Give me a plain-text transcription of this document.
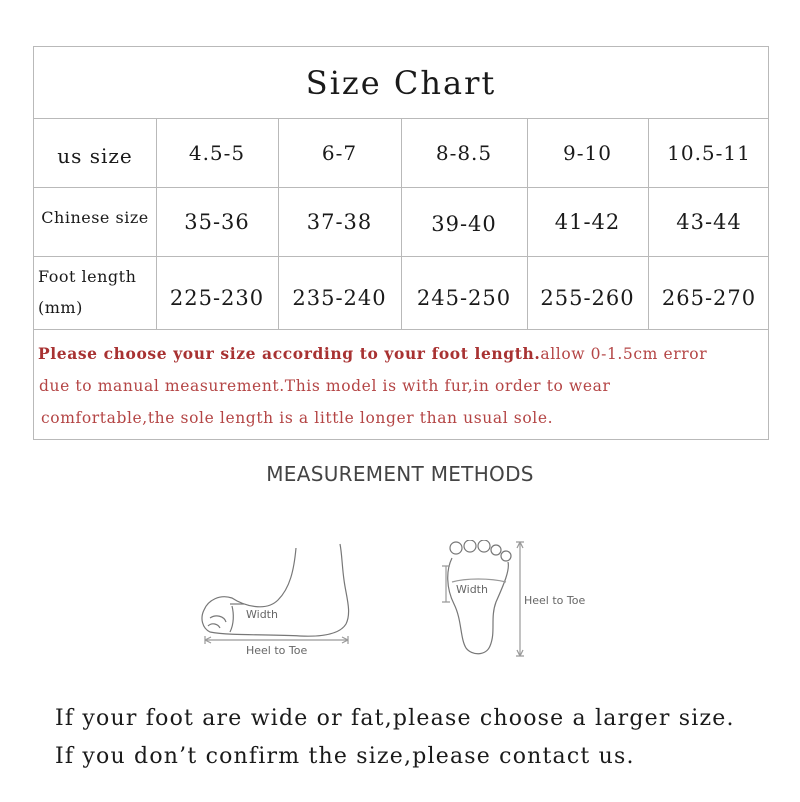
Size Chart
us size	4.5-5	6-7	8-8.5	9-10	10.5-11
Chinese size	35-36	37-38	39-40	41-42	43-44
Foot length
(mm)	225-230	235-240	245-250	255-260	265-270
Please choose your size according to your foot length.allow 0-1.5cm error
due to manual measurement.This model is with fur,in order to wear
comfortable,the sole length is a little longer than usual sole.
MEASUREMENT METHODS
Width
Heel to Toe
Width
Heel to Toe
If your foot are wide or fat,please choose a larger size.
If you don’t confirm the size,please contact us.
